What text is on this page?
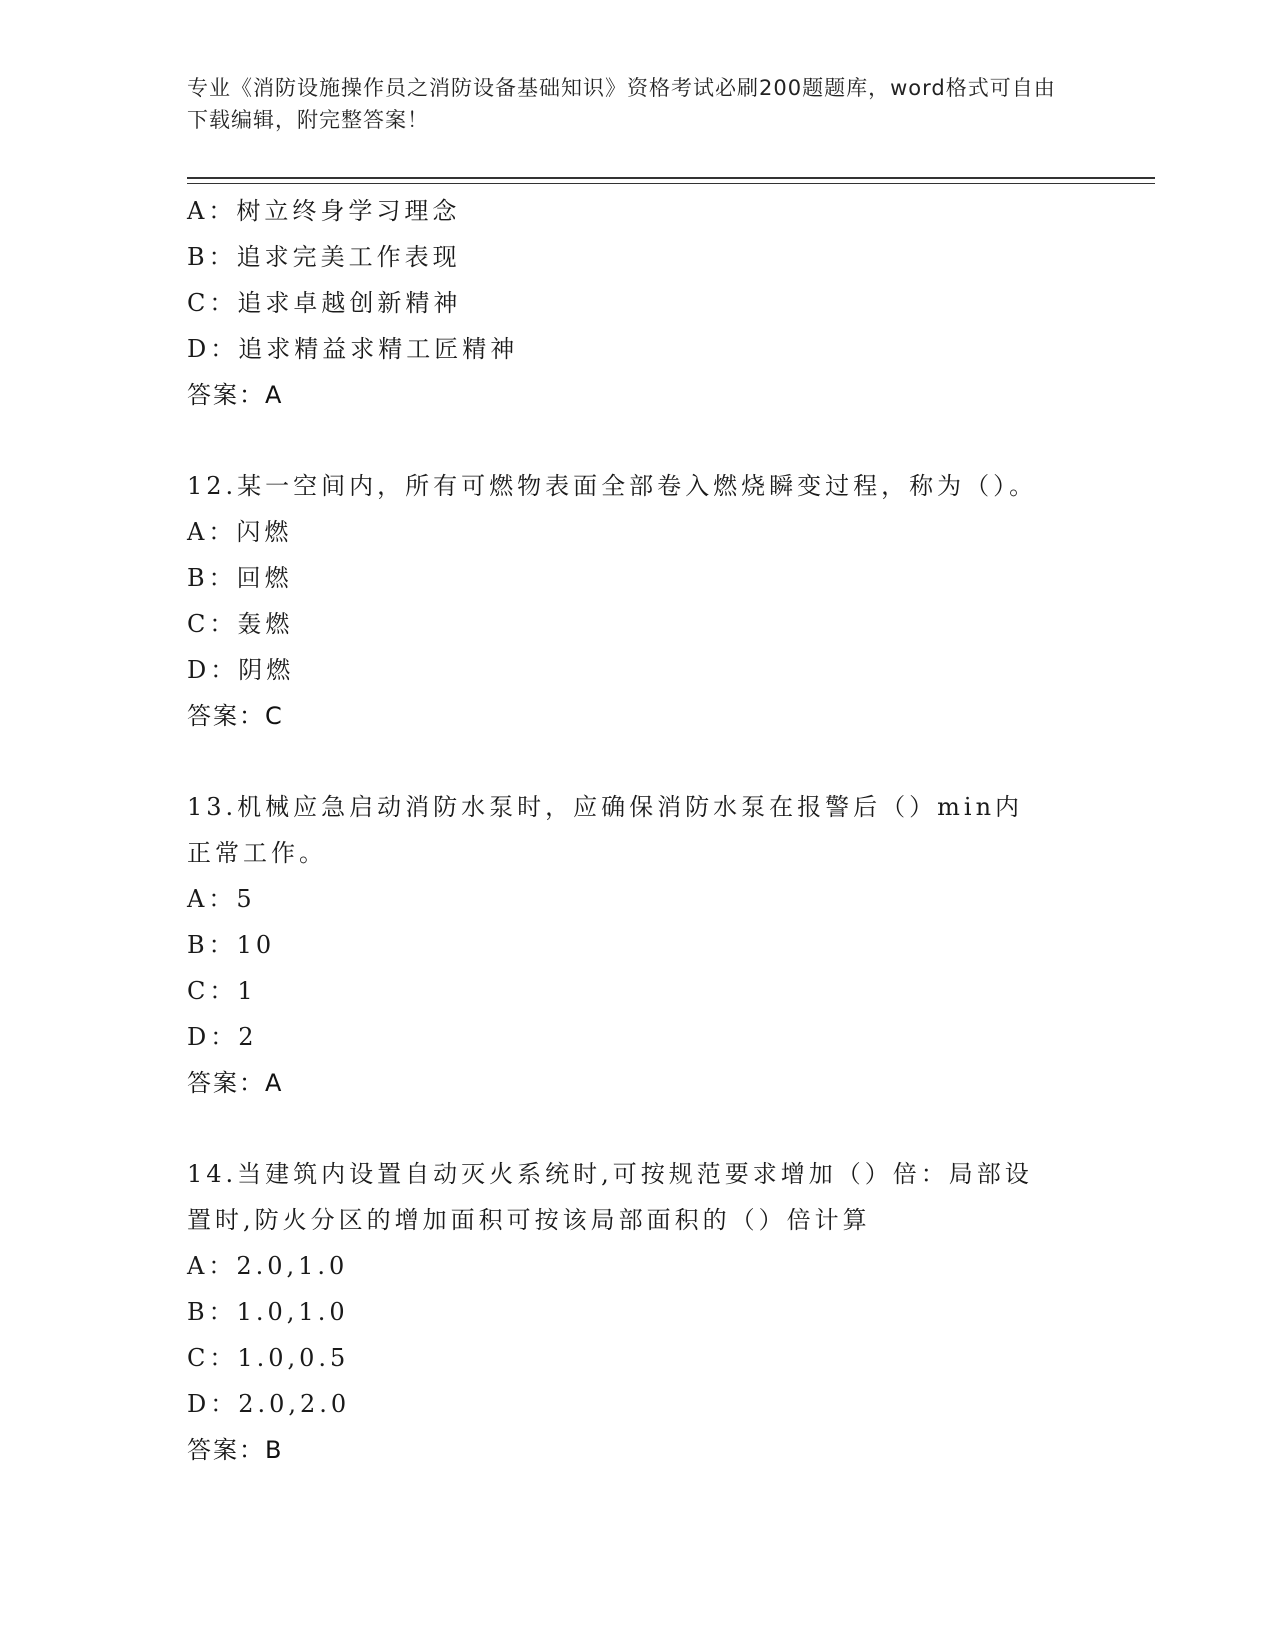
专业《消防设施操作员之消防设备基础知识》资格考试必刷200题题库，word格式可自由下载编辑，附完整答案！
A：树立终身学习理念
B：追求完美工作表现
C：追求卓越创新精神
D：追求精益求精工匠精神
答案：A
12.某一空间内，所有可燃物表面全部卷入燃烧瞬变过程，称为（）。
A：闪燃
B：回燃
C：轰燃
D：阴燃
答案：C
13.机械应急启动消防水泵时，应确保消防水泵在报警后（）min内正常工作。
A：5
B：10
C：1
D：2
答案：A
14.当建筑内设置自动灭火系统时,可按规范要求增加（）倍：局部设置时,防火分区的增加面积可按该局部面积的（）倍计算
A：2.0,1.0
B：1.0,1.0
C：1.0,0.5
D：2.0,2.0
答案：B
